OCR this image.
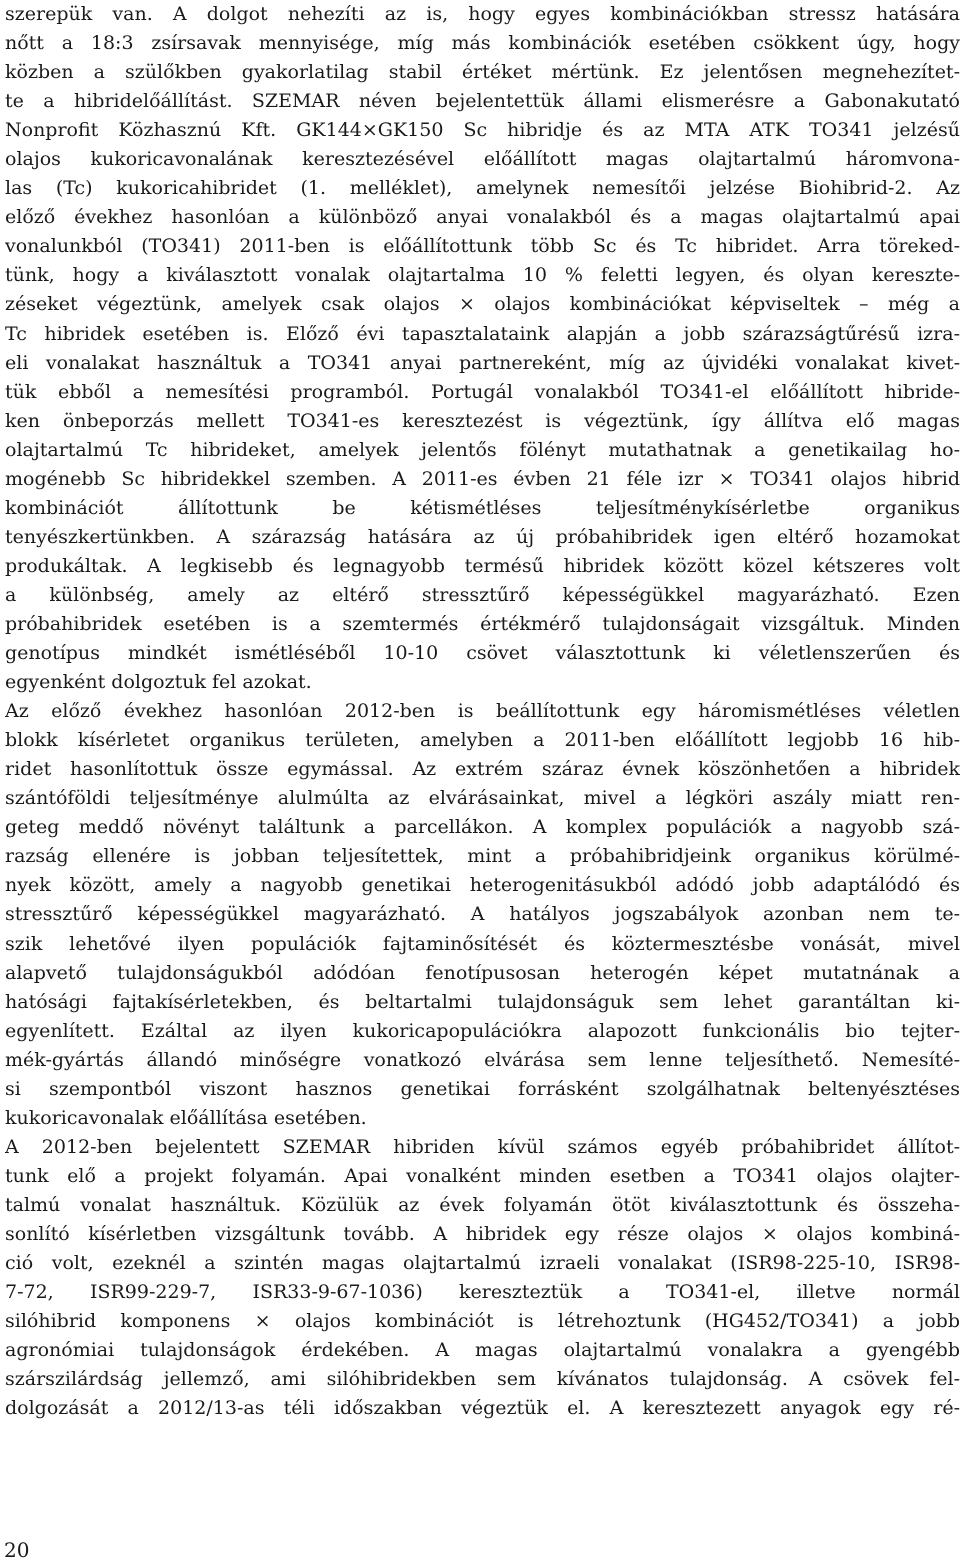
szerepük van. A dolgot nehezíti az is, hogy egyes kombinációkban stressz hatására
nőtt a 18:3 zsírsavak mennyisége, míg más kombinációk esetében csökkent úgy, hogy
közben a szülőkben gyakorlatilag stabil értéket mértünk. Ez jelentősen megnehezítet-
te a hibridelőállítást. SZEMAR néven bejelentettük állami elismerésre a Gabonakutató
Nonprofit Közhasznú Kft. GK144×GK150 Sc hibridje és az MTA ATK TO341 jelzésű
olajos kukoricavonalának keresztezésével előállított magas olajtartalmú háromvona-
las (Tc) kukoricahibridet (1. melléklet), amelynek nemesítői jelzése Biohibrid-2. Az
előző évekhez hasonlóan a különböző anyai vonalakból és a magas olajtartalmú apai
vonalunkból (TO341) 2011-ben is előállítottunk több Sc és Tc hibridet. Arra töreked-
tünk, hogy a kiválasztott vonalak olajtartalma 10 % feletti legyen, és olyan kereszte-
zéseket végeztünk, amelyek csak olajos × olajos kombinációkat képviseltek – még a
Tc hibridek esetében is. Előző évi tapasztalataink alapján a jobb szárazságtűrésű izra-
eli vonalakat használtuk a TO341 anyai partnereként, míg az újvidéki vonalakat kivet-
tük ebből a nemesítési programból. Portugál vonalakból TO341-el előállított hibride-
ken önbeporzás mellett TO341-es keresztezést is végeztünk, így állítva elő magas
olajtartalmú Tc hibrideket, amelyek jelentős fölényt mutathatnak a genetikailag ho-
mogénebb Sc hibridekkel szemben. A 2011-es évben 21 féle izr × TO341 olajos hibrid
kombinációt állítottunk be kétismétléses teljesítménykísérletbe organikus
tenyészkertünkben. A szárazság hatására az új próbahibridek igen eltérő hozamokat
produkáltak. A legkisebb és legnagyobb termésű hibridek között közel kétszeres volt
a különbség, amely az eltérő stressztűrő képességükkel magyarázható. Ezen
próbahibridek esetében is a szemtermés értékmérő tulajdonságait vizsgáltuk. Minden
genotípus mindkét ismétléséből 10-10 csövet választottunk ki véletlenszerűen és
egyenként dolgoztuk fel azokat.
Az előző évekhez hasonlóan 2012-ben is beállítottunk egy háromismétléses véletlen
blokk kísérletet organikus területen, amelyben a 2011-ben előállított legjobb 16 hib-
ridet hasonlítottuk össze egymással. Az extrém száraz évnek köszönhetően a hibridek
szántóföldi teljesítménye alulmúlta az elvárásainkat, mivel a légköri aszály miatt ren-
geteg meddő növényt találtunk a parcellákon. A komplex populációk a nagyobb szá-
razság ellenére is jobban teljesítettek, mint a próbahibridjeink organikus körülmé-
nyek között, amely a nagyobb genetikai heterogenitásukból adódó jobb adaptálódó és
stressztűrő képességükkel magyarázható. A hatályos jogszabályok azonban nem te-
szik lehetővé ilyen populációk fajtaminősítését és köztermesztésbe vonását, mivel
alapvető tulajdonságukból adódóan fenotípusosan heterogén képet mutatnának a
hatósági fajtakísérletekben, és beltartalmi tulajdonságuk sem lehet garantáltan ki-
egyenlített. Ezáltal az ilyen kukoricapopulációkra alapozott funkcionális bio tejter-
mék-gyártás állandó minőségre vonatkozó elvárása sem lenne teljesíthető. Nemesíté-
si szempontból viszont hasznos genetikai forrásként szolgálhatnak beltenyésztéses
kukoricavonalak előállítása esetében.
A 2012-ben bejelentett SZEMAR hibriden kívül számos egyéb próbahibridet állítot-
tunk elő a projekt folyamán. Apai vonalként minden esetben a TO341 olajos olajter-
talmú vonalat használtuk. Közülük az évek folyamán ötöt kiválasztottunk és összeha-
sonlító kísérletben vizsgáltunk tovább. A hibridek egy része olajos × olajos kombiná-
ció volt, ezeknél a szintén magas olajtartalmú izraeli vonalakat (ISR98-225-10, ISR98-
7-72, ISR99-229-7, ISR33-9-67-1036) kereszteztük a TO341-el, illetve normál
silóhibrid komponens × olajos kombinációt is létrehoztunk (HG452/TO341) a jobb
agronómiai tulajdonságok érdekében. A magas olajtartalmú vonalakra a gyengébb
szárszilárdság jellemző, ami silóhibridekben sem kívánatos tulajdonság. A csövek fel-
dolgozását a 2012/13-as téli időszakban végeztük el. A keresztezett anyagok egy ré-
20
